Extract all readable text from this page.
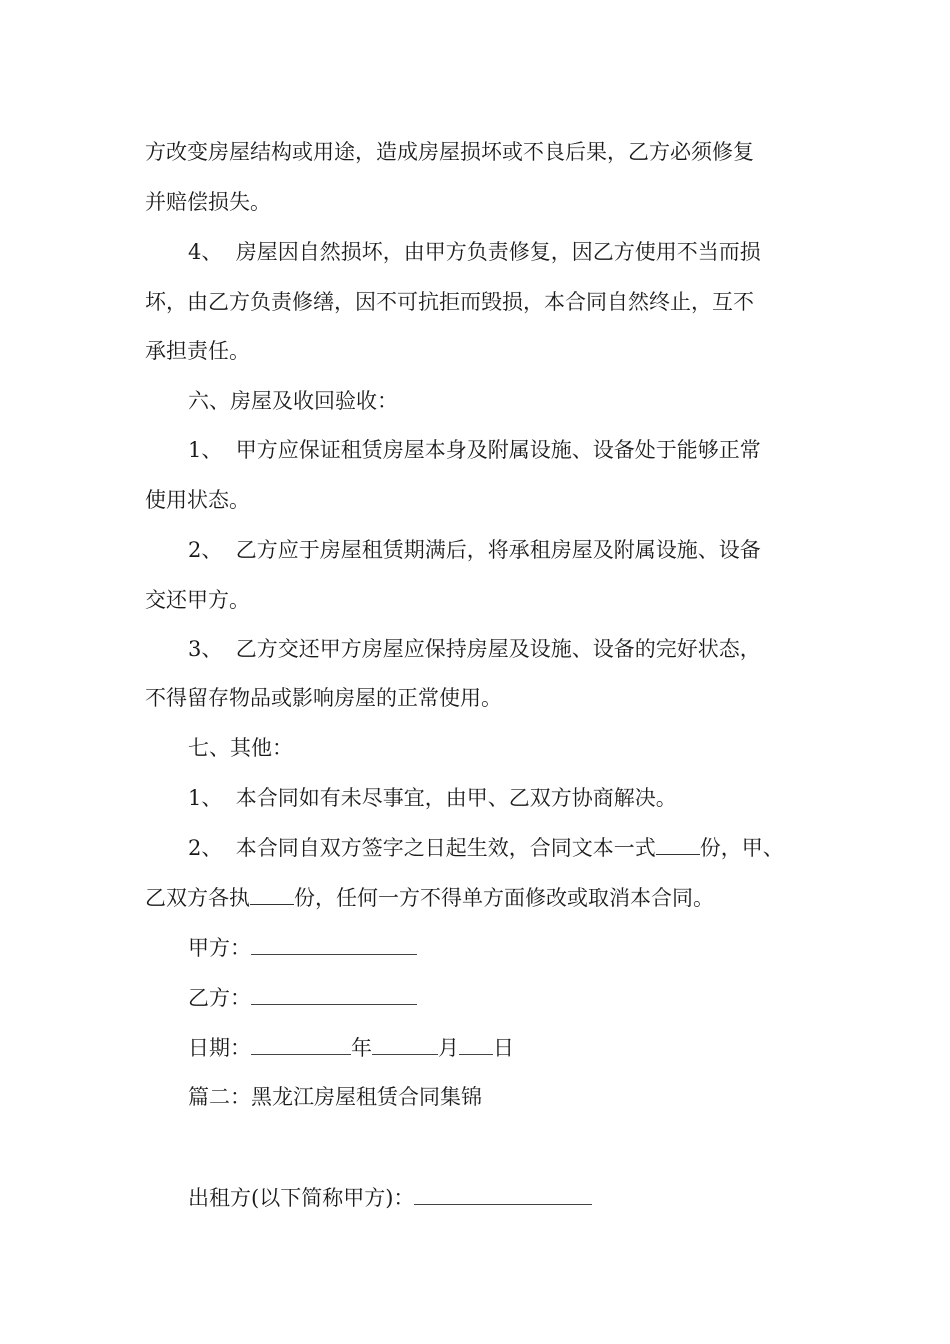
方改变房屋结构或用途，造成房屋损坏或不良后果，乙方必须修复
并赔偿损失。
4、  房屋因自然损坏，由甲方负责修复，因乙方使用不当而损
坏，由乙方负责修缮，因不可抗拒而毁损，本合同自然终止，互不
承担责任。
六、房屋及收回验收：
1、  甲方应保证租赁房屋本身及附属设施、设备处于能够正常
使用状态。
2、  乙方应于房屋租赁期满后，将承租房屋及附属设施、设备
交还甲方。
3、  乙方交还甲方房屋应保持房屋及设施、设备的完好状态，
不得留存物品或影响房屋的正常使用。
七、其他：
1、  本合同如有未尽事宜，由甲、乙双方协商解决。
2、  本合同自双方签字之日起生效，合同文本一式 份，甲、
乙双方各执 份，任何一方不得单方面修改或取消本合同。
甲方：
乙方：
日期：	年	月 日
篇二：黑龙江房屋租赁合同集锦
出租方(以下简称甲方)：
